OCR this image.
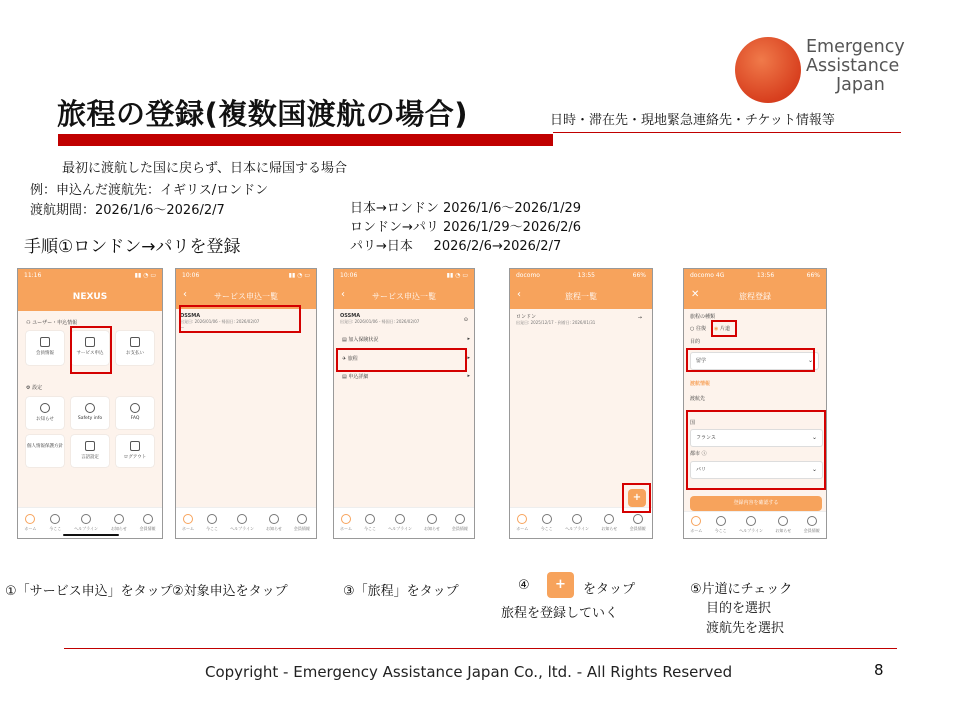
Emergency
Assistance
Japan
旅程の登録(複数国渡航の場合)	日時・滞在先・現地緊急連絡先・チケット情報等
最初に渡航した国に戻らず、日本に帰国する場合
例：申込んだ渡航先：イギリス/ロンドン
渡航期間：2026/1/6～2026/2/7	日本→ロンドン 2026/1/6～2026/1/29
ロンドン→パリ 2026/1/29～2026/2/6
パリ→日本     2026/2/6→2026/2/7
手順①ロンドン→パリを登録
11:16	▮▮ ◔ ▭
NEXUS
⚇ ユーザー・申込情報
会員情報	サービス申込	お支払い
⚙ 設定
お知らせ	Safety info	FAQ
個人情報保護方針
言語設定	ログアウト
ホーム	今ここ	ヘルプライン	お知らせ	会員情報
10:06	▮▮ ◔ ▭
‹	サービス申込一覧
OSSMA
出発日: 2026/01/06 - 帰国日: 2026/02/07
—
ホーム	今ここ	ヘルプライン	お知らせ	会員情報
10:06	▮▮ ◔ ▭
‹	サービス申込一覧
OSSMA
出発日: 2026/01/06 - 帰国日: 2026/02/07	⊙
▤ 加入保険状況
✈ 旅程
▤ 申込詳細
▸
▸
▸
ホーム	今ここ	ヘルプライン	お知らせ	会員情報
docomo	13:55	66%
‹	旅程一覧
ロンドン
出発日: 2025/12/17 - 到着日: 2026/01/31
→
+
ホーム	今ここ	ヘルプライン	お知らせ	会員情報
docomo 4G	13:56	66%
✕	旅程登録
旅程の種類
○ 往復 ◉ 片道
目的
留学	⌄
渡航情報
渡航先
国
フランス	⌄
都市 ⓘ
パリ	⌄
登録内容を確認する
ホーム	今ここ	ヘルプライン	お知らせ	会員情報
①「サービス申込」をタップ ②対象申込をタップ	③「旅程」をタップ	④	+	をタップ
旅程を登録していく
⑤片道にチェック
目的を選択
渡航先を選択
Copyright - Emergency Assistance Japan Co., ltd. - All Rights Reserved	8
